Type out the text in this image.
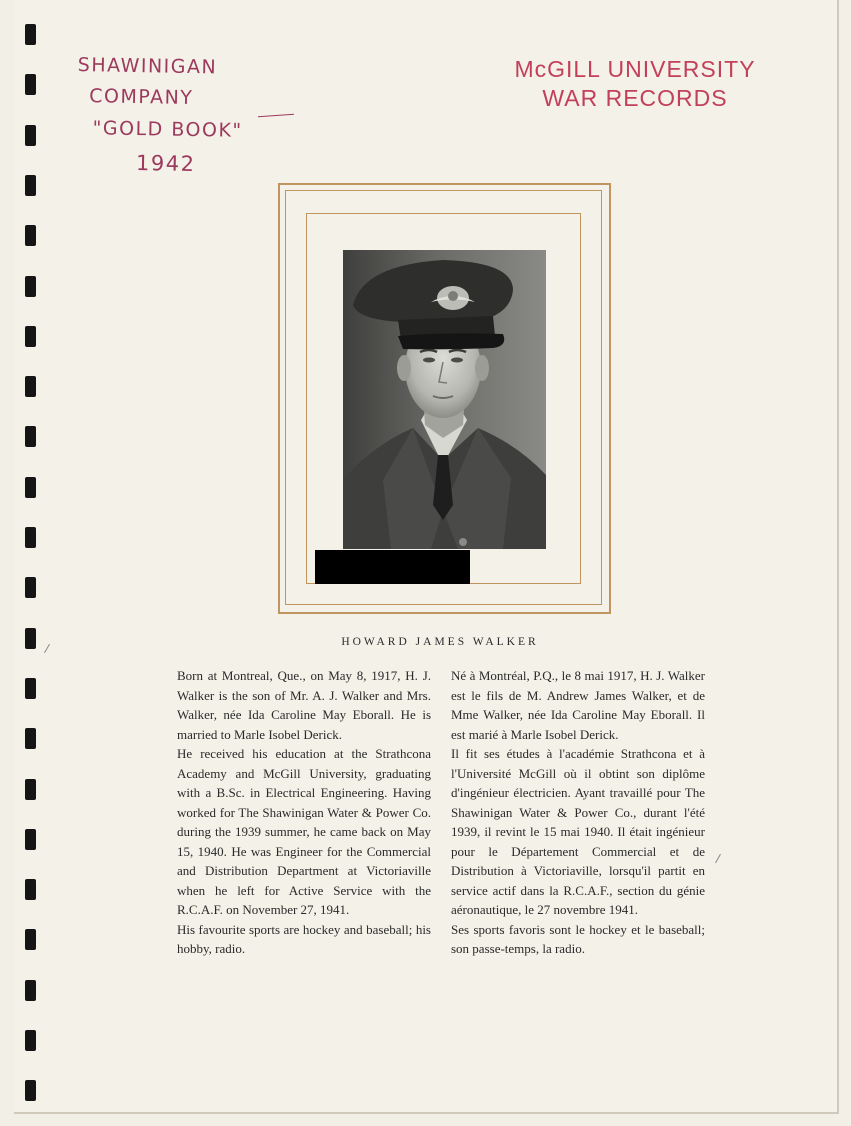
SHAWINIGAN
COMPANY
"GOLD BOOK"
1942
McGILL UNIVERSITY
WAR RECORDS
HOWARD JAMES WALKER

Born at Montreal, Que., on May 8, 1917, H. J. Walker is the son of Mr. A. J. Walker and Mrs. Walker, née Ida Caroline May Eborall. He is married to Marle Isobel Derick.

He received his education at the Strathcona Academy and McGill University, graduating with a B.Sc. in Electrical Engineering. Having worked for The Shawinigan Water & Power Co. during the 1939 summer, he came back on May 15, 1940. He was Engineer for the Commercial and Distribution Department at Victoriaville when he left for Active Service with the R.C.A.F. on November 27, 1941.

His favourite sports are hockey and baseball; his hobby, radio.

Né à Montréal, P.Q., le 8 mai 1917, H. J. Walker est le fils de M. Andrew James Walker, et de Mme Walker, née Ida Caroline May Eborall. Il est marié à Marle Isobel Derick.

Il fit ses études à l'académie Strathcona et à l'Université McGill où il obtint son diplôme d'ingénieur électricien. Ayant travaillé pour The Shawinigan Water & Power Co., durant l'été 1939, il revint le 15 mai 1940. Il était ingénieur pour le Département Commercial et de Distribution à Victoriaville, lorsqu'il partit en service actif dans la R.C.A.F., section du génie aéronautique, le 27 novembre 1941.

Ses sports favoris sont le hockey et le baseball; son passe-temps, la radio.
